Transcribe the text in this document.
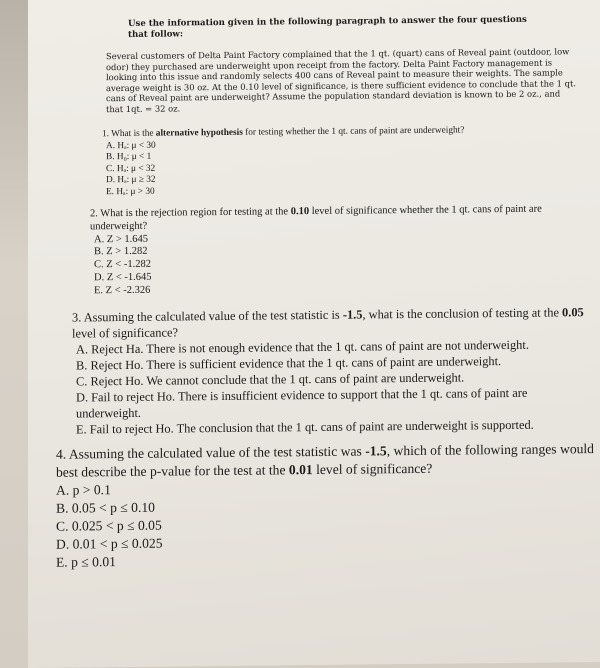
Use the information given in the following paragraph to answer the four questions that follow:
Several customers of Delta Paint Factory complained that the 1 qt. (quart) cans of Reveal paint (outdoor, low odor) they purchased are underweight upon receipt from the factory. Delta Paint Factory management is looking into this issue and randomly selects 400 cans of Reveal paint to measure their weights. The sample average weight is 30 oz. At the 0.10 level of significance, is there sufficient evidence to conclude that the 1 qt. cans of Reveal paint are underweight? Assume the population standard deviation is known to be 2 oz., and that 1qt. = 32 oz.

1. What is the alternative hypothesis for testing whether the 1 qt. cans of paint are underweight?

A. Hₐ: μ < 30

B. H₀: μ < 1

C. Hₐ: μ < 32

D. Hₐ: μ ≥ 32

E. Hₐ: μ > 30

2. What is the rejection region for testing at the 0.10 level of significance whether the 1 qt. cans of paint are underweight?

A. Z > 1.645

B. Z > 1.282

C. Z < -1.282

D. Z < -1.645

E. Z < -2.326

3. Assuming the calculated value of the test statistic is -1.5, what is the conclusion of testing at the 0.05 level of significance?

A. Reject Ha. There is not enough evidence that the 1 qt. cans of paint are not underweight.

B. Reject Ho. There is sufficient evidence that the 1 qt. cans of paint are underweight.

C. Reject Ho. We cannot conclude that the 1 qt. cans of paint are underweight.

D. Fail to reject Ho. There is insufficient evidence to support that the 1 qt. cans of paint are underweight.

E. Fail to reject Ho. The conclusion that the 1 qt. cans of paint are underweight is supported.

4. Assuming the calculated value of the test statistic was -1.5, which of the following ranges would best describe the p-value for the test at the 0.01 level of significance?

A. p > 0.1

B. 0.05 < p ≤ 0.10

C. 0.025 < p ≤ 0.05

D. 0.01 < p ≤ 0.025

E. p ≤ 0.01
